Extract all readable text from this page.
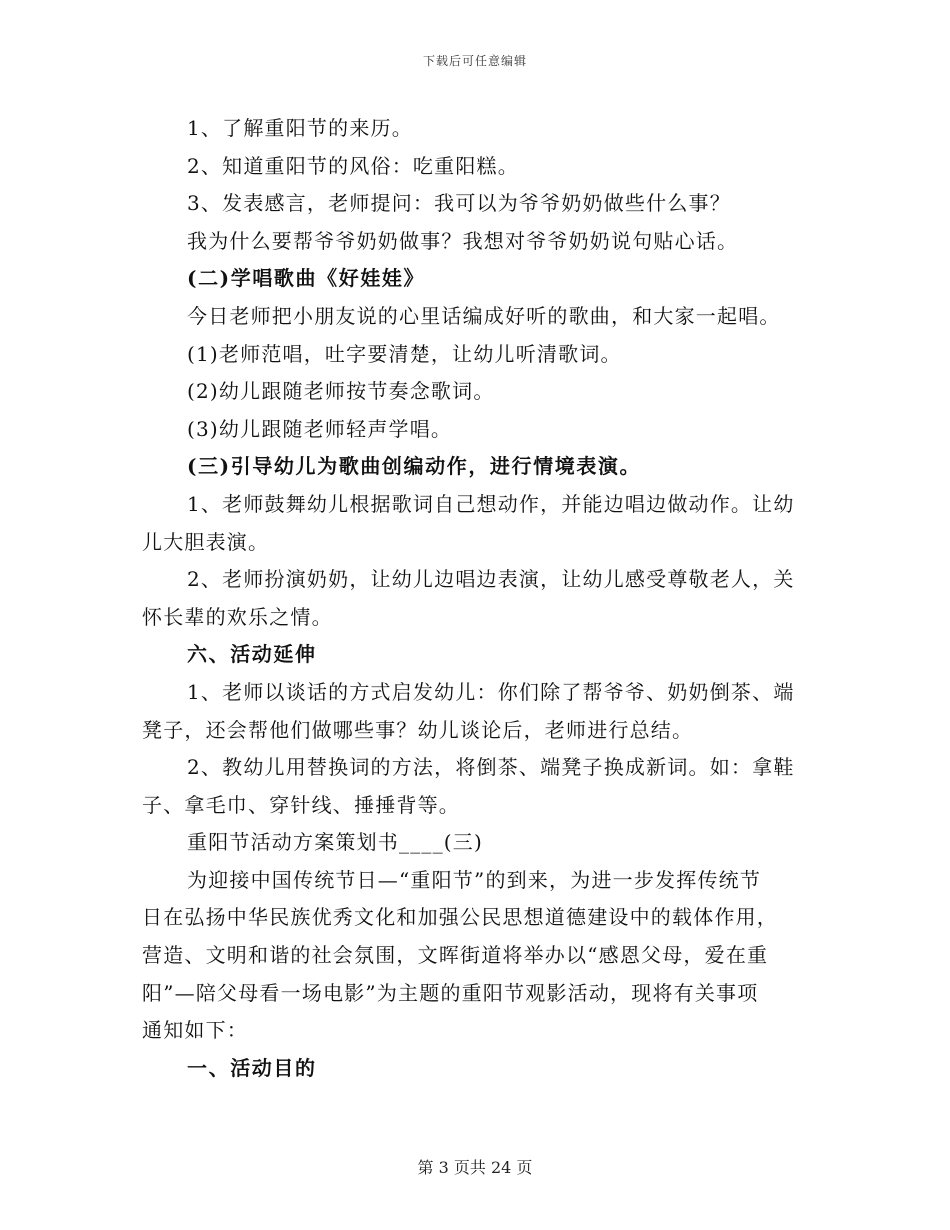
下载后可任意编辑
1、了解重阳节的来历。
2、知道重阳节的风俗：吃重阳糕。
3、发表感言，老师提问：我可以为爷爷奶奶做些什么事？
我为什么要帮爷爷奶奶做事？我想对爷爷奶奶说句贴心话。
(二)学唱歌曲《好娃娃》
今日老师把小朋友说的心里话编成好听的歌曲，和大家一起唱。
(1)老师范唱，吐字要清楚，让幼儿听清歌词。
(2)幼儿跟随老师按节奏念歌词。
(3)幼儿跟随老师轻声学唱。
(三)引导幼儿为歌曲创编动作，进行情境表演。
1、老师鼓舞幼儿根据歌词自己想动作，并能边唱边做动作。让幼
儿大胆表演。
2、老师扮演奶奶，让幼儿边唱边表演，让幼儿感受尊敬老人，关
怀长辈的欢乐之情。
六、活动延伸
1、老师以谈话的方式启发幼儿：你们除了帮爷爷、奶奶倒茶、端
凳子，还会帮他们做哪些事？幼儿谈论后，老师进行总结。
2、教幼儿用替换词的方法，将倒茶、端凳子换成新词。如：拿鞋
子、拿毛巾、穿针线、捶捶背等。
重阳节活动方案策划书____(三)
为迎接中国传统节日—“重阳节”的到来，为进一步发挥传统节
日在弘扬中华民族优秀文化和加强公民思想道德建设中的载体作用，
营造、文明和谐的社会氛围，文晖街道将举办以“感恩父母，爱在重
阳”—陪父母看一场电影”为主题的重阳节观影活动，现将有关事项
通知如下：
一、活动目的
第 3 页共 24 页
